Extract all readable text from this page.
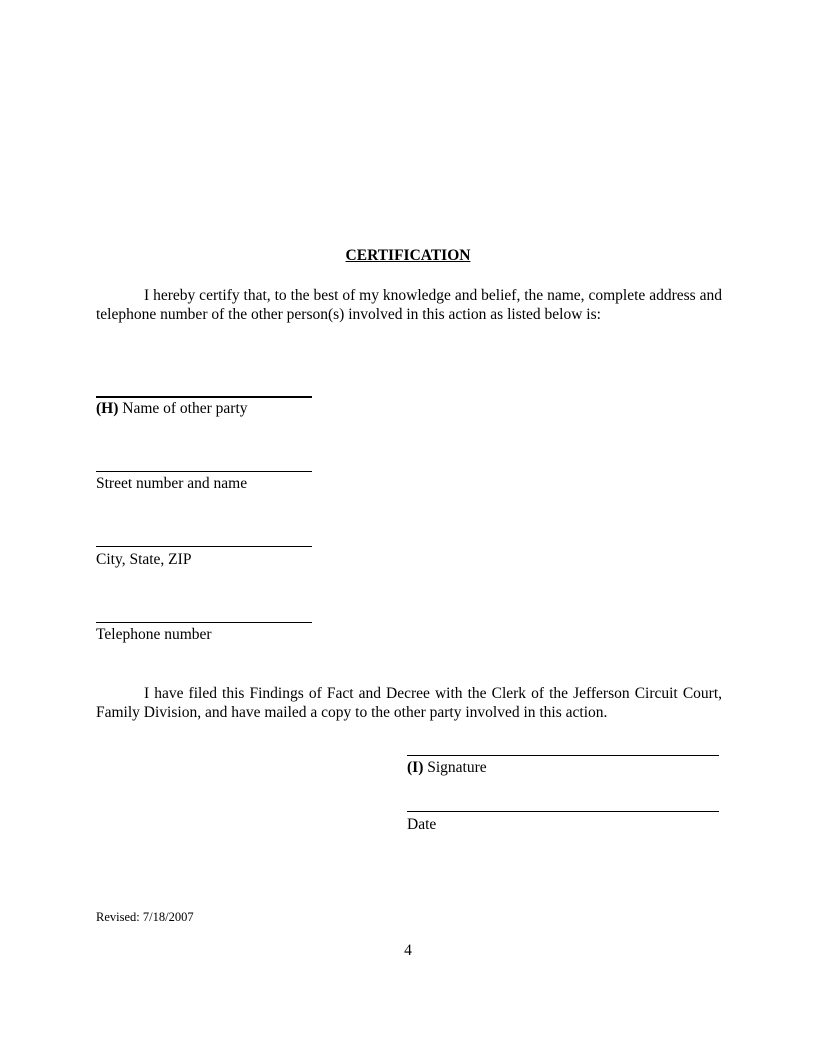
CERTIFICATION
I hereby certify that, to the best of my knowledge and belief, the name, complete address and telephone number of the other person(s) involved in this action as listed below is:
(H) Name of other party
Street number and name
City, State, ZIP
Telephone number
I have filed this Findings of Fact and Decree with the Clerk of the Jefferson Circuit Court, Family Division, and have mailed a copy to the other party involved in this action.
(I) Signature
Date
Revised: 7/18/2007
4
